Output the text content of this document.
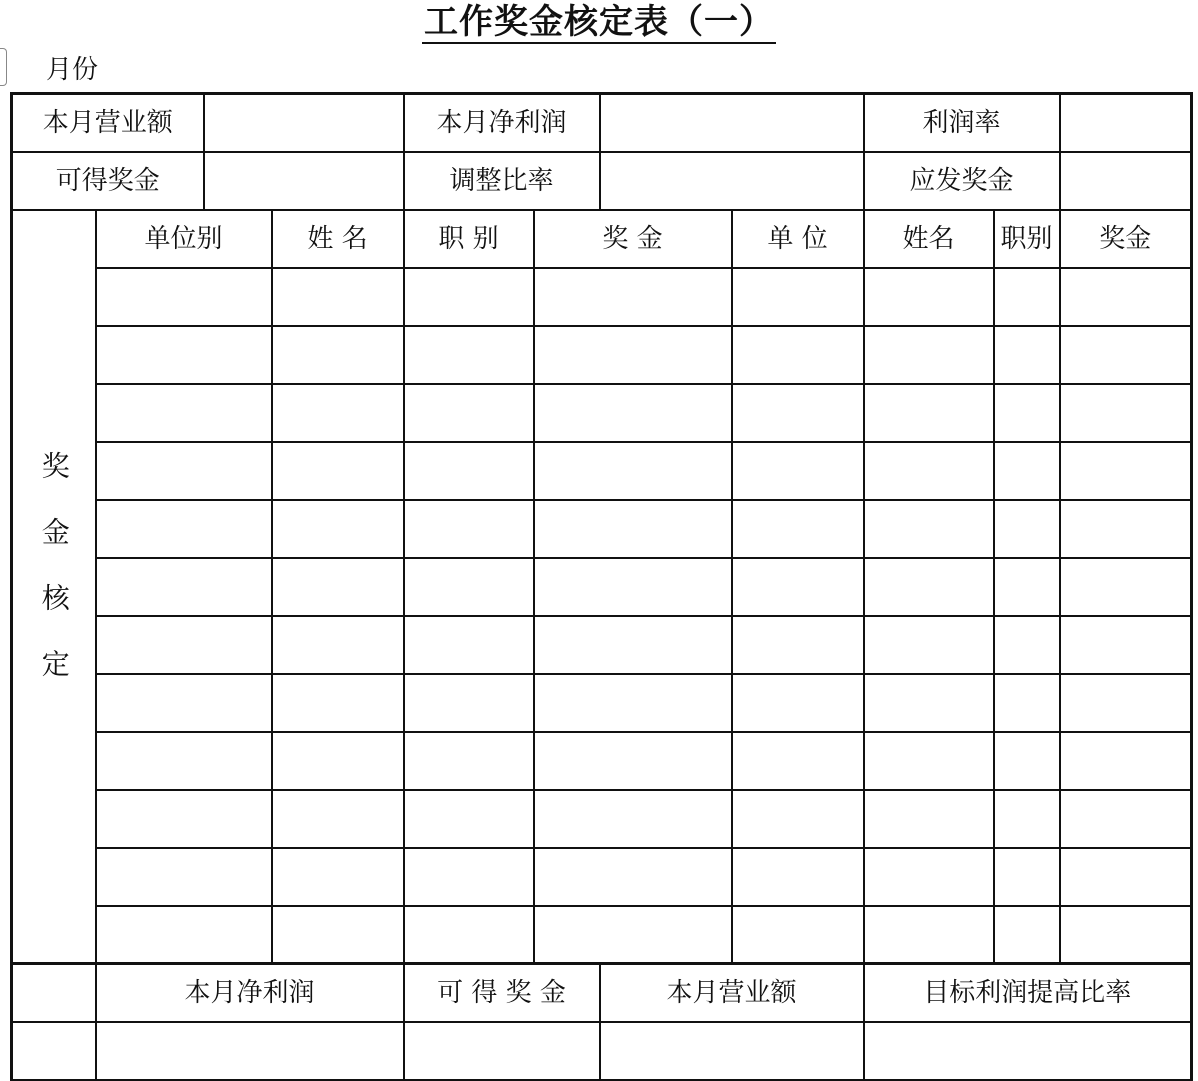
工作奖金核定表（一）
月份
本月营业额				本月净利润				利润率		
可得奖金				调整比率				应发奖金		
奖金核定	单位别		姓 名	职 别	奖 金		单 位	姓名	职别	奖金

	本月净利润			可 得 奖 金		本月营业额		目标利润提高比率		
